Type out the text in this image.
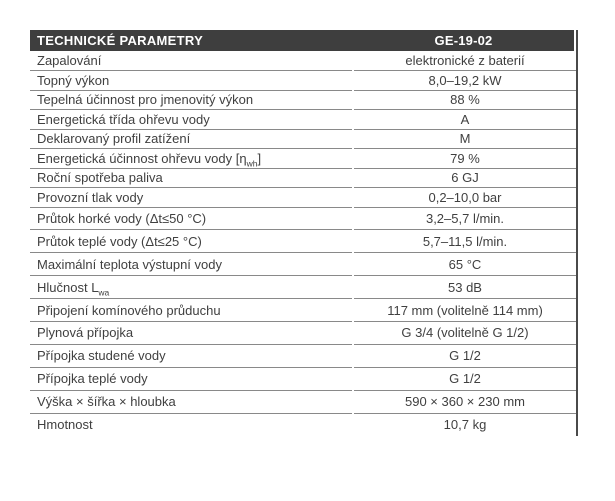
TECHNICKÉ PARAMETRY	GE-19-02
Zapalování	elektronické z baterií
Topný výkon	8,0–19,2 kW
Tepelná účinnost pro jmenovitý výkon	88 %
Energetická třída ohřevu vody	A
Deklarovaný profil zatížení	M
Energetická účinnost ohřevu vody $[\eta_{wh}]$	79 %
Roční spotřeba paliva	6 GJ
Provozní tlak vody	0,2–10,0 bar
Průtok horké vody (Δt≤50 °C)	3,2–5,7 l/min.
Průtok teplé vody (Δt≤25 °C)	5,7–11,5 l/min.
Maximální teplota výstupní vody	65 °C
Hlučnost $L_{wa}$	53 dB
Připojení komínového průduchu	117 mm (volitelně 114 mm)
Plynová přípojka	G 3/4 (volitelně G 1/2)
Přípojka studené vody	G 1/2
Přípojka teplé vody	G 1/2
Výška × šířka × hloubka	590 × 360 × 230 mm
Hmotnost	10,7 kg
